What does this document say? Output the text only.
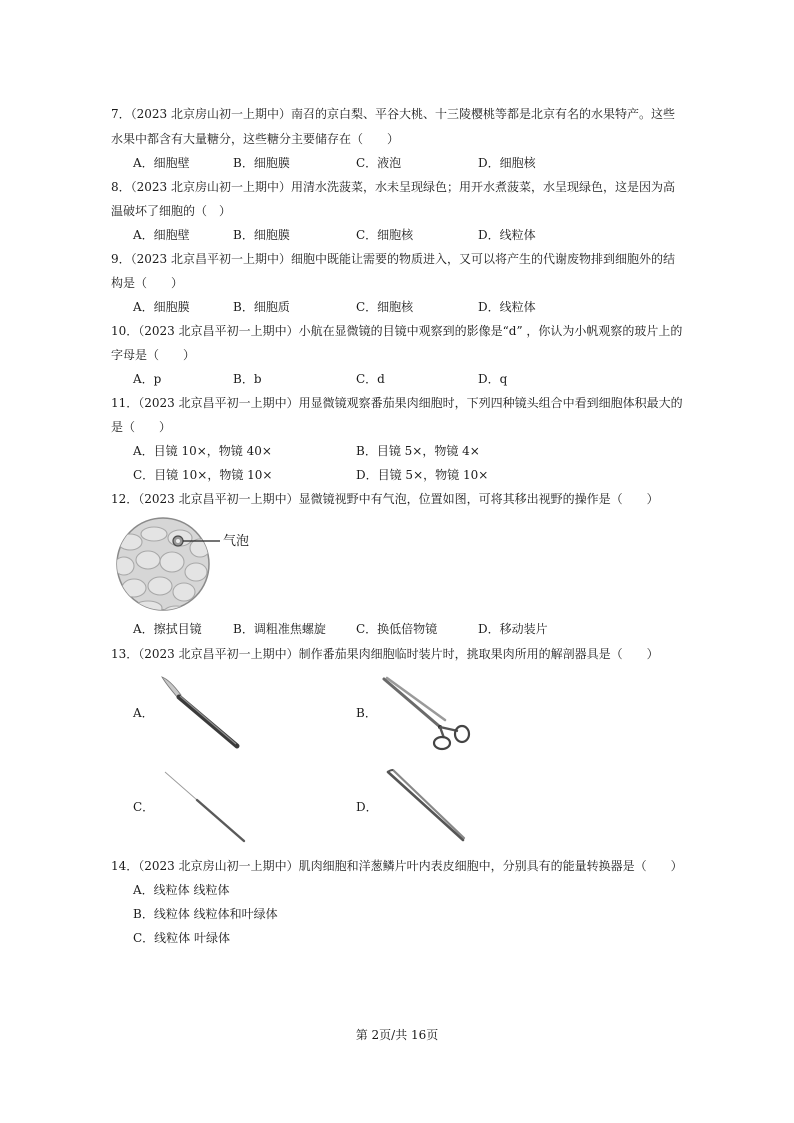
7．（2023 北京房山初一上期中）南召的京白梨、平谷大桃、十三陵樱桃等都是北京有名的水果特产。这些
水果中都含有大量糖分，这些糖分主要储存在（　　）
A．细胞壁	B．细胞膜	C．液泡	D．细胞核
8．（2023 北京房山初一上期中）用清水洗菠菜，水未呈现绿色；用开水煮菠菜，水呈现绿色，这是因为高
温破坏了细胞的（　）
A．细胞壁	B．细胞膜	C．细胞核	D．线粒体
9．（2023 北京昌平初一上期中）细胞中既能让需要的物质进入，又可以将产生的代谢废物排到细胞外的结
构是（　　）
A．细胞膜	B．细胞质	C．细胞核	D．线粒体
10．（2023 北京昌平初一上期中）小航在显微镜的目镜中观察到的影像是“d” ，你认为小帆观察的玻片上的
字母是（　　）
A．p	B．b	C．d	D．q
11．（2023 北京昌平初一上期中）用显微镜观察番茄果肉细胞时，下列四种镜头组合中看到细胞体积最大的
是（　　）
A．目镜 10×，物镜 40×	B．目镜 5×，物镜 4×
C．目镜 10×，物镜 10×	D．目镜 5×，物镜 10×
12．（2023 北京昌平初一上期中）显微镜视野中有气泡，位置如图，可将其移出视野的操作是（　　）
气泡
A．擦拭目镜	B．调粗准焦螺旋	C．换低倍物镜	D．移动装片
13．（2023 北京昌平初一上期中）制作番茄果肉细胞临时装片时，挑取果肉所用的解剖器具是（　　）
A．	B．
C．	D．
14．（2023 北京房山初一上期中）肌肉细胞和洋葱鳞片叶内表皮细胞中，分别具有的能量转换器是（　　）
A．线粒体 线粒体
B．线粒体 线粒体和叶绿体
C．线粒体 叶绿体
第 2页/共 16页
